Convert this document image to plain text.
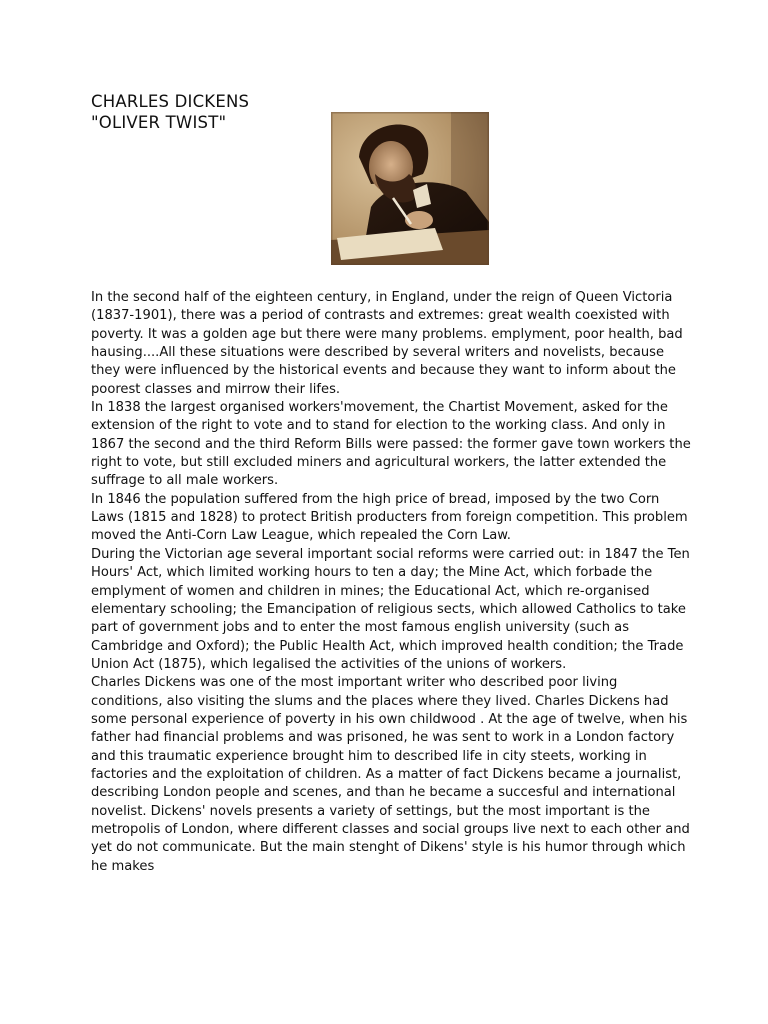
CHARLES DICKENS
"OLIVER TWIST"

In the second half of the eighteen century, in England, under the reign of Queen Victoria (1837-1901), there was a period of contrasts and extremes: great wealth coexisted with poverty. It was a golden age but there were many problems. emplyment, poor health, bad hausing....All these situations were described by several writers and novelists, because they were influenced by the historical events and because they want to inform about the poorest classes and mirrow their lifes.

In 1838 the largest organised workers'movement, the Chartist Movement, asked for the extension of the right to vote and to stand for election to the working class. And only in 1867 the second and the third Reform Bills were passed: the former gave town workers the right to vote, but still excluded miners and agricultural workers, the latter extended the suffrage to all male workers.

In 1846 the population suffered from the high price of bread, imposed by the two Corn Laws (1815 and 1828) to protect British producters from foreign competition. This problem moved the Anti-Corn Law League, which repealed the Corn Law.

During the Victorian age several important social reforms were carried out: in 1847 the Ten Hours' Act, which limited working hours to ten a day; the Mine Act, which forbade the emplyment of women and children in mines; the Educational Act, which re-organised elementary schooling; the Emancipation of religious sects, which allowed Catholics to take part of government jobs and to enter the most famous english university (such as Cambridge and Oxford); the Public Health Act, which improved health condition; the Trade Union Act (1875), which legalised the activities of the unions of workers.

Charles Dickens was one of the most important writer who described poor living conditions, also visiting the slums and the places where they lived. Charles Dickens had some personal experience of poverty in his own childwood . At the age of twelve, when his father had financial problems and was prisoned, he was sent to work in a London factory and this traumatic experience brought him to described life in city steets, working in factories and the exploitation of children. As a matter of fact Dickens became a journalist, describing London people and scenes, and than he became a succesful and international novelist. Dickens' novels presents a variety of settings, but the most important is the metropolis of London, where different classes and social groups live next to each other and yet do not communicate. But the main stenght of Dikens' style is his humor through which he makes
